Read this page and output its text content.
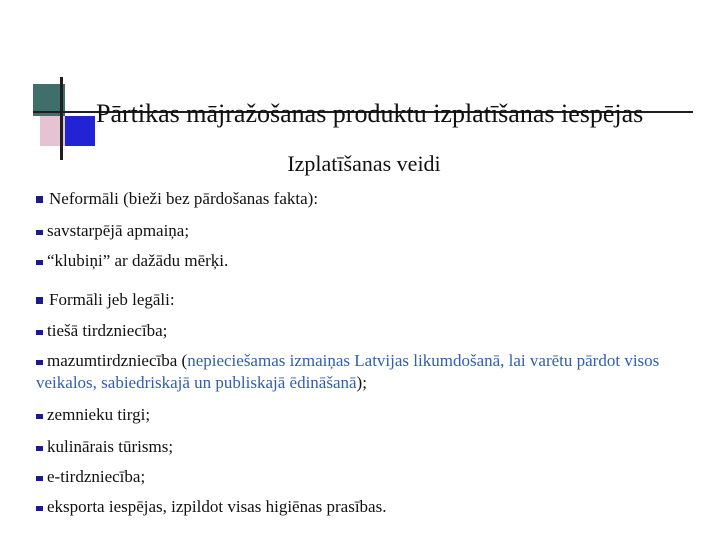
Pārtikas mājražošanas produktu izplatīšanas iespējas
Izplatīšanas veidi
Neformāli (bieži bez pārdošanas fakta):
savstarpējā apmaiņa;
“klubiņi” ar dažādu mērķi.
Formāli jeb legāli:
tiešā tirdzniecība;
mazumtirdzniecība (nepieciešamas izmaiņas Latvijas likumdošanā, lai varētu pārdot visos veikalos, sabiedriskajā un publiskajā ēdināšanā);
zemnieku tirgi;
kulinārais tūrisms;
e-tirdzniecība;
eksporta iespējas, izpildot visas higiēnas prasības.
